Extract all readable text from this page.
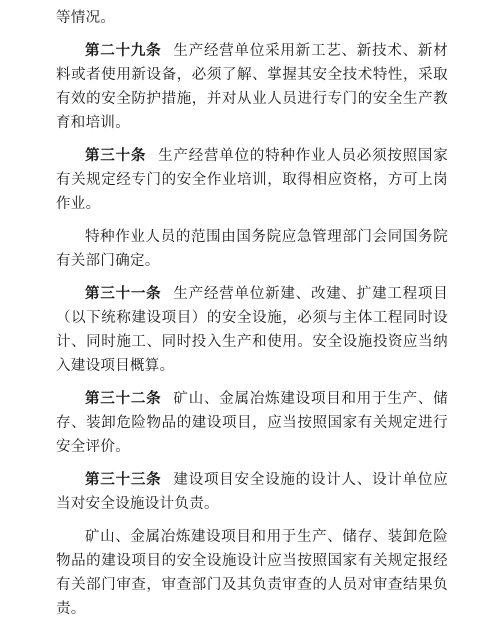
等情况。

第二十九条 生产经营单位采用新工艺、新技术、新材料或者使用新设备，必须了解、掌握其安全技术特性，采取有效的安全防护措施，并对从业人员进行专门的安全生产教育和培训。

第三十条 生产经营单位的特种作业人员必须按照国家有关规定经专门的安全作业培训，取得相应资格，方可上岗作业。

特种作业人员的范围由国务院应急管理部门会同国务院有关部门确定。

第三十一条 生产经营单位新建、改建、扩建工程项目（以下统称建设项目）的安全设施，必须与主体工程同时设计、同时施工、同时投入生产和使用。安全设施投资应当纳入建设项目概算。

第三十二条 矿山、金属冶炼建设项目和用于生产、储存、装卸危险物品的建设项目，应当按照国家有关规定进行安全评价。

第三十三条 建设项目安全设施的设计人、设计单位应当对安全设施设计负责。

矿山、金属冶炼建设项目和用于生产、储存、装卸危险物品的建设项目的安全设施设计应当按照国家有关规定报经有关部门审查，审查部门及其负责审查的人员对审查结果负责。
